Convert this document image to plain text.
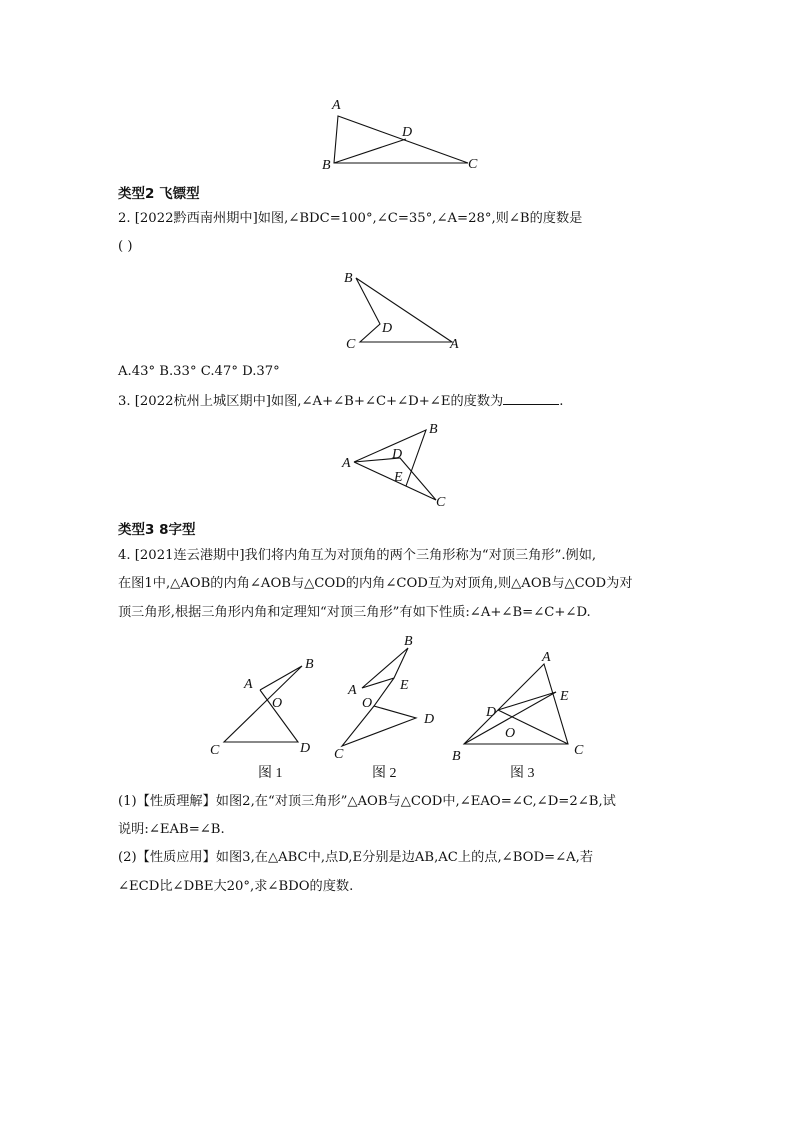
A
B	C
D
类型2 飞镖型
2. [2022黔西南州期中]如图,∠BDC=100°,∠C=35°,∠A=28°,则∠B的度数是
( )
B
C	A
D
A.43° B.33° C.47° D.37°
3. [2022杭州上城区期中]如图,∠A+∠B+∠C+∠D+∠E的度数为	.
A
B
C
D
E
类型3 8字型
4. [2021连云港期中]我们将内角互为对顶角的两个三角形称为“对顶三角形”.例如,
在图1中,△AOB的内角∠AOB与△COD的内角∠COD互为对顶角,则△AOB与△COD为对
顶三角形,根据三角形内角和定理知“对顶三角形”有如下性质:∠A+∠B=∠C+∠D.
A
B
C	D
O
图 1
B
A	E
O
D
C
图 2
A
E
D
O
B	C
图 3
(1)【性质理解】如图2,在“对顶三角形”△AOB与△COD中,∠EAO=∠C,∠D=2∠B,试
说明:∠EAB=∠B.
(2)【性质应用】如图3,在△ABC中,点D,E分别是边AB,AC上的点,∠BOD=∠A,若
∠ECD比∠DBE大20°,求∠BDO的度数.
